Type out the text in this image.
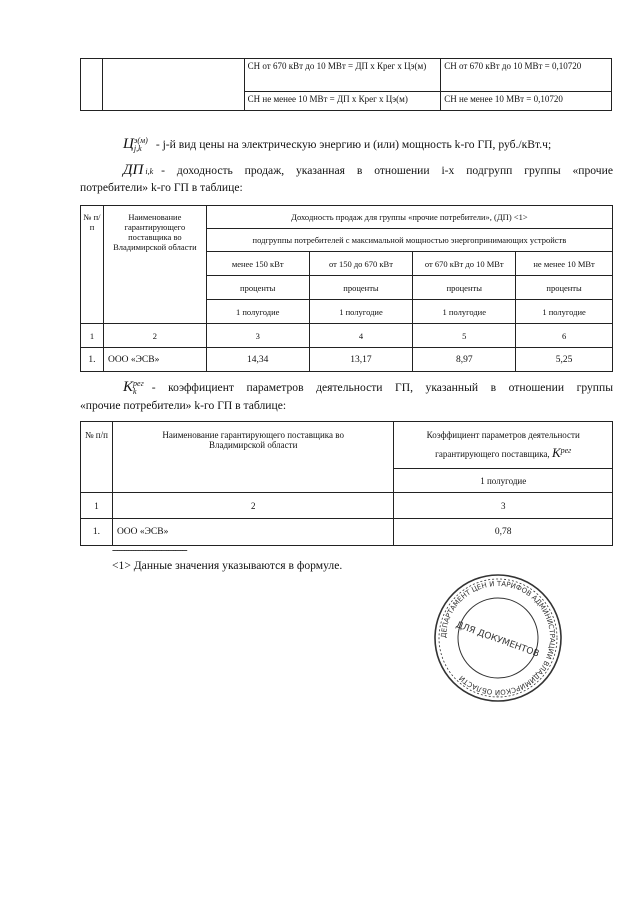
		СН от 670 кВт до 10 МВт = ДП х Крег х Цэ(м)	СН от 670 кВт до 10 МВт = 0,10720
		СН не менее 10 МВт = ДП х Крег х Цэ(м)	СН не менее 10 МВт = 0,10720
Ц э(м)
j,k	- j-й вид цены на электрическую энергию и (или) мощность k-го ГП, руб./кВт.ч;
ДП i,k - доходность продаж, указанная в отношении i-х подгрупп группы «прочие
потребители» k-го ГП в таблице:
№ п/п	Наименование гарантирующего поставщика во Владимирской области	Доходность продаж для группы «прочие потребители», (ДП) <1>			
		подгруппы потребителей с максимальной мощностью энергопринимающих устройств			
		менее 150 кВт	от 150 до 670 кВт	от 670 кВт до 10 МВт	не менее 10 МВт
		проценты	проценты	проценты	проценты
		1 полугодие	1 полугодие	1 полугодие	1 полугодие
1	2	3	4	5	6
1.	ООО «ЭСВ»	14,34	13,17	8,97	5,25
K рег
k	- коэффициент параметров деятельности ГП, указанный в отношении группы
«прочие потребители» k-го ГП в таблице:
№ п/п	Наименование гарантирующего поставщика во Владимирской области	Коэффициент параметров деятельности гарантирующего поставщика, $K^{рег}$
		1 полугодие
1	2	3
1.	ООО «ЭСВ»	0,78
--------------------------------
<1> Данные значения указываются в формуле.
ДЕПАРТАМЕНТ ЦЕН И ТАРИФОВ АДМИНИСТРАЦИИ ВЛАДИМИРСКОЙ ОБЛАСТИ
ДЛЯ ДОКУМЕНТОВ
